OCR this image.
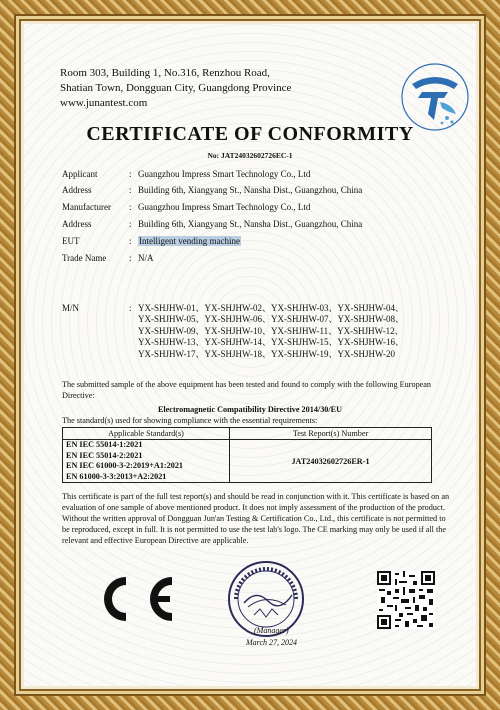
Room 303, Building 1, No.316, Renzhou Road,
Shatian Town, Dongguan City, Guangdong Province
www.junantest.com
CERTIFICATE OF CONFORMITY
No: JAT24032602726EC-1
Applicant	: Guangzhou Impress Smart Technology Co., Ltd
Address	: Building 6th, Xiangyang St., Nansha Dist., Guangzhou, China
Manufacturer : Guangzhou Impress Smart Technology Co., Ltd
Address	: Building 6th, Xiangyang St., Nansha Dist., Guangzhou, China
EUT	: Intelligent vending machine
Trade Name	: N/A
M/N	: YX-SHJHW-01、YX-SHJHW-02、YX-SHJHW-03、YX-SHJHW-04、
YX-SHJHW-05、YX-SHJHW-06、YX-SHJHW-07、YX-SHJHW-08、
YX-SHJHW-09、YX-SHJHW-10、YX-SHJHW-11、YX-SHJHW-12、
YX-SHJHW-13、YX-SHJHW-14、YX-SHJHW-15、YX-SHJHW-16、
YX-SHJHW-17、YX-SHJHW-18、YX-SHJHW-19、YX-SHJHW-20
The submitted sample of the above equipment has been tested and found to comply with the following European Directive:
Electromagnetic Compatibility Directive 2014/30/EU
The standard(s) used for showing compliance with the essential requirements:
Applicable Standard(s)	Test Report(s) Number

EN IEC 55014-1:2021
EN IEC 55014-2:2021
EN IEC 61000-3-2:2019+A1:2021
EN 61000-3-3:2013+A2:2021	JAT24032602726ER-1
This certificate is part of the full test report(s) and should be read in conjunction with it. This certificate is based on an evaluation of one sample of above mentioned product. It does not imply assessment of the production of the product. Without the written approval of Dongguan Jun'an Testing & Certification Co., Ltd., this certificate is not permitted to be reproduced, except in full. It is not permitted to use the test lab's logo. The CE marking may only be used if all the relevant and effective European Directive are applicable.
(Manager)
March 27, 2024
